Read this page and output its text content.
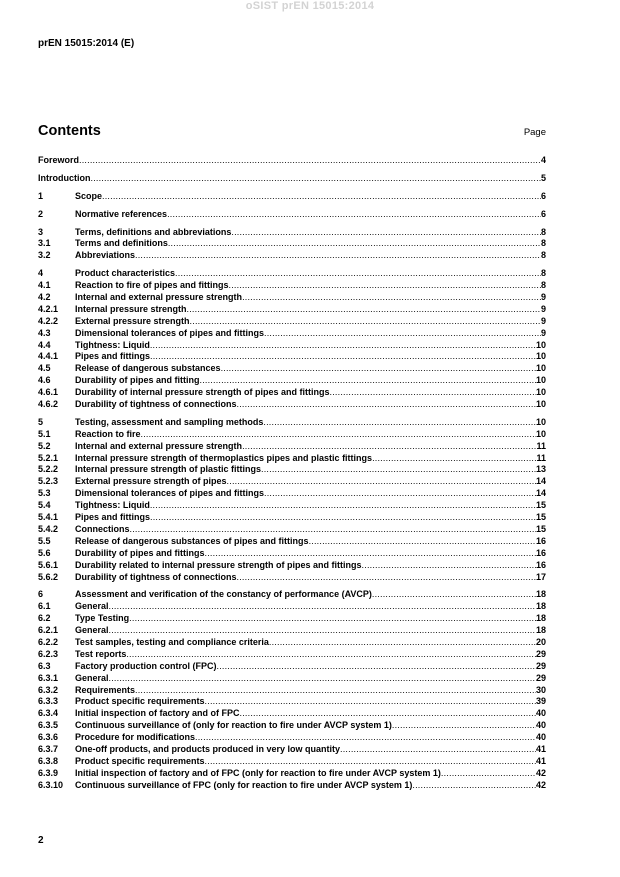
oSIST prEN 15015:2014
prEN 15015:2014 (E)
Contents	Page
Foreword .....	4
Introduction .....	5
1	Scope .....	6
2	Normative references .....	6
3	Terms, definitions and abbreviations .....	8
3.1	Terms and definitions .....	8
3.2	Abbreviations .....	8
4	Product characteristics .....	8
4.1	Reaction to fire of pipes and fittings .....	8
4.2	Internal and external pressure strength .....	9
4.2.1	Internal pressure strength .....	9
4.2.2	External pressure strength .....	9
4.3	Dimensional tolerances of pipes and fittings .....	9
4.4	Tightness: Liquid .....	10
4.4.1	Pipes and fittings .....	10
4.5	Release of dangerous substances .....	10
4.6	Durability of pipes and fitting .....	10
4.6.1	Durability of internal pressure strength of pipes and fittings .....	10
4.6.2	Durability of tightness of connections .....	10
5	Testing, assessment and sampling methods .....	10
5.1	Reaction to fire .....	10
5.2	Internal and external pressure strength .....	11
5.2.1	Internal pressure strength of thermoplastics pipes and plastic fittings .....	11
5.2.2	Internal pressure strength of plastic fittings .....	13
5.2.3	External pressure strength of pipes .....	14
5.3	Dimensional tolerances of pipes and fittings .....	14
5.4	Tightness: Liquid .....	15
5.4.1	Pipes and fittings .....	15
5.4.2	Connections .....	15
5.5	Release of dangerous substances of pipes and fittings .....	16
5.6	Durability of pipes and fittings .....	16
5.6.1	Durability related to internal pressure strength of pipes and fittings .....	16
5.6.2	Durability of tightness of connections .....	17
6	Assessment and verification of the constancy of performance (AVCP) .....	18
6.1	General .....	18
6.2	Type Testing .....	18
6.2.1	General .....	18
6.2.2	Test samples, testing and compliance criteria .....	20
6.2.3	Test reports .....	29
6.3	Factory production control (FPC) .....	29
6.3.1	General .....	29
6.3.2	Requirements .....	30
6.3.3	Product specific requirements .....	39
6.3.4	Initial inspection of factory and of FPC .....	40
6.3.5	Continuous surveillance of (only for reaction to fire under AVCP system 1) .....	40
6.3.6	Procedure for modifications .....	40
6.3.7	One-off products, and products produced in very low quantity .....	41
6.3.8	Product specific requirements .....	41
6.3.9	Initial inspection of factory and of FPC (only for reaction to fire under AVCP system 1) .....	42
6.3.10	Continuous surveillance of FPC (only for reaction to fire under AVCP system 1) .....	42
2
